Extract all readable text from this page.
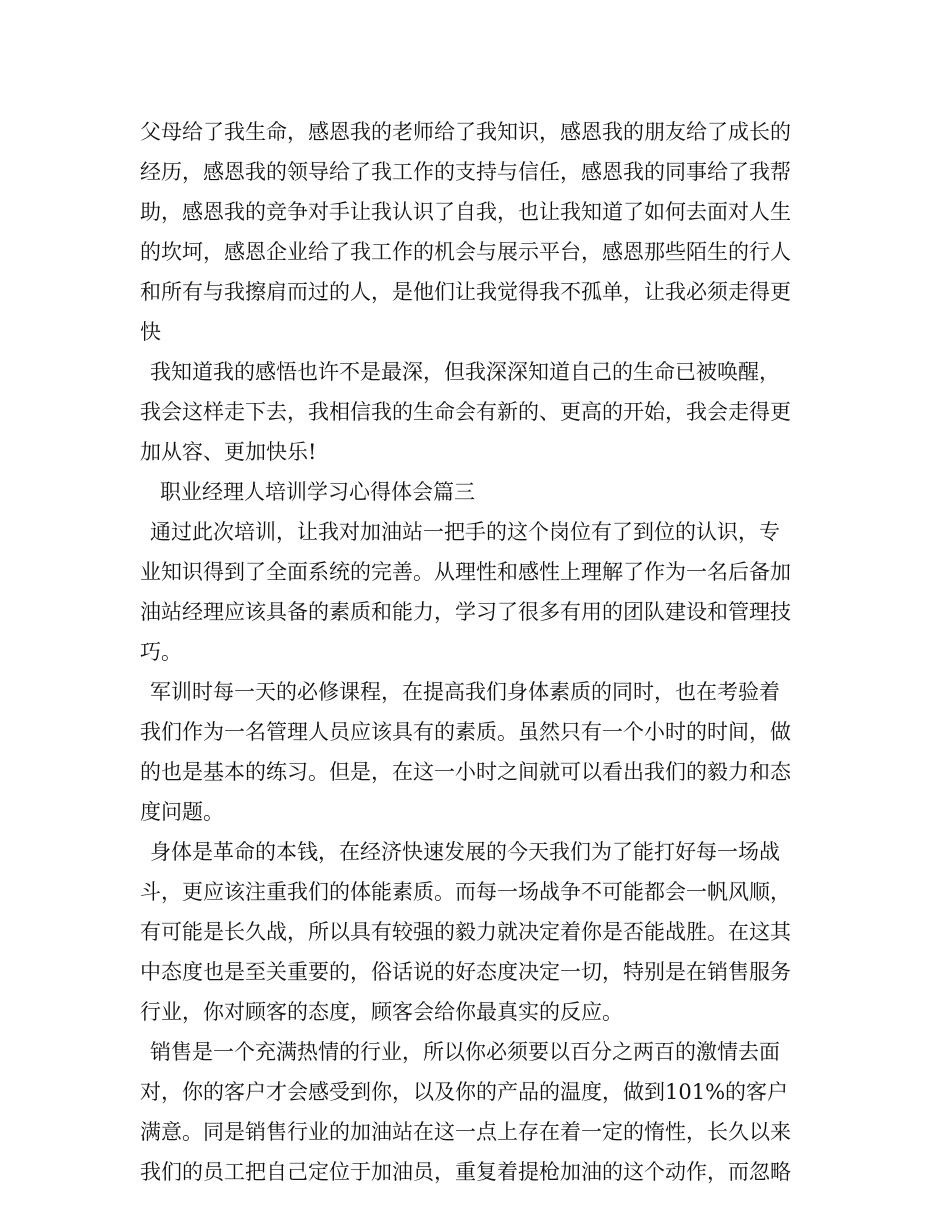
父母给了我生命，感恩我的老师给了我知识，感恩我的朋友给了成长的
经历，感恩我的领导给了我工作的支持与信任，感恩我的同事给了我帮
助，感恩我的竞争对手让我认识了自我，也让我知道了如何去面对人生
的坎坷，感恩企业给了我工作的机会与展示平台，感恩那些陌生的行人
和所有与我擦肩而过的人，是他们让我觉得我不孤单，让我必须走得更
快
我知道我的感悟也许不是最深，但我深深知道自己的生命已被唤醒，
我会这样走下去，我相信我的生命会有新的、更高的开始，我会走得更
加从容、更加快乐!
职业经理人培训学习心得体会篇三
通过此次培训，让我对加油站一把手的这个岗位有了到位的认识，专
业知识得到了全面系统的完善。从理性和感性上理解了作为一名后备加
油站经理应该具备的素质和能力，学习了很多有用的团队建设和管理技
巧。
军训时每一天的必修课程，在提高我们身体素质的同时，也在考验着
我们作为一名管理人员应该具有的素质。虽然只有一个小时的时间，做
的也是基本的练习。但是，在这一小时之间就可以看出我们的毅力和态
度问题。
身体是革命的本钱，在经济快速发展的今天我们为了能打好每一场战
斗，更应该注重我们的体能素质。而每一场战争不可能都会一帆风顺，
有可能是长久战，所以具有较强的毅力就决定着你是否能战胜。在这其
中态度也是至关重要的，俗话说的好态度决定一切，特别是在销售服务
行业，你对顾客的态度，顾客会给你最真实的反应。
销售是一个充满热情的行业，所以你必须要以百分之两百的激情去面
对，你的客户才会感受到你，以及你的产品的温度，做到101%的客户
满意。同是销售行业的加油站在这一点上存在着一定的惰性，长久以来
我们的员工把自己定位于加油员，重复着提枪加油的这个动作，而忽略
